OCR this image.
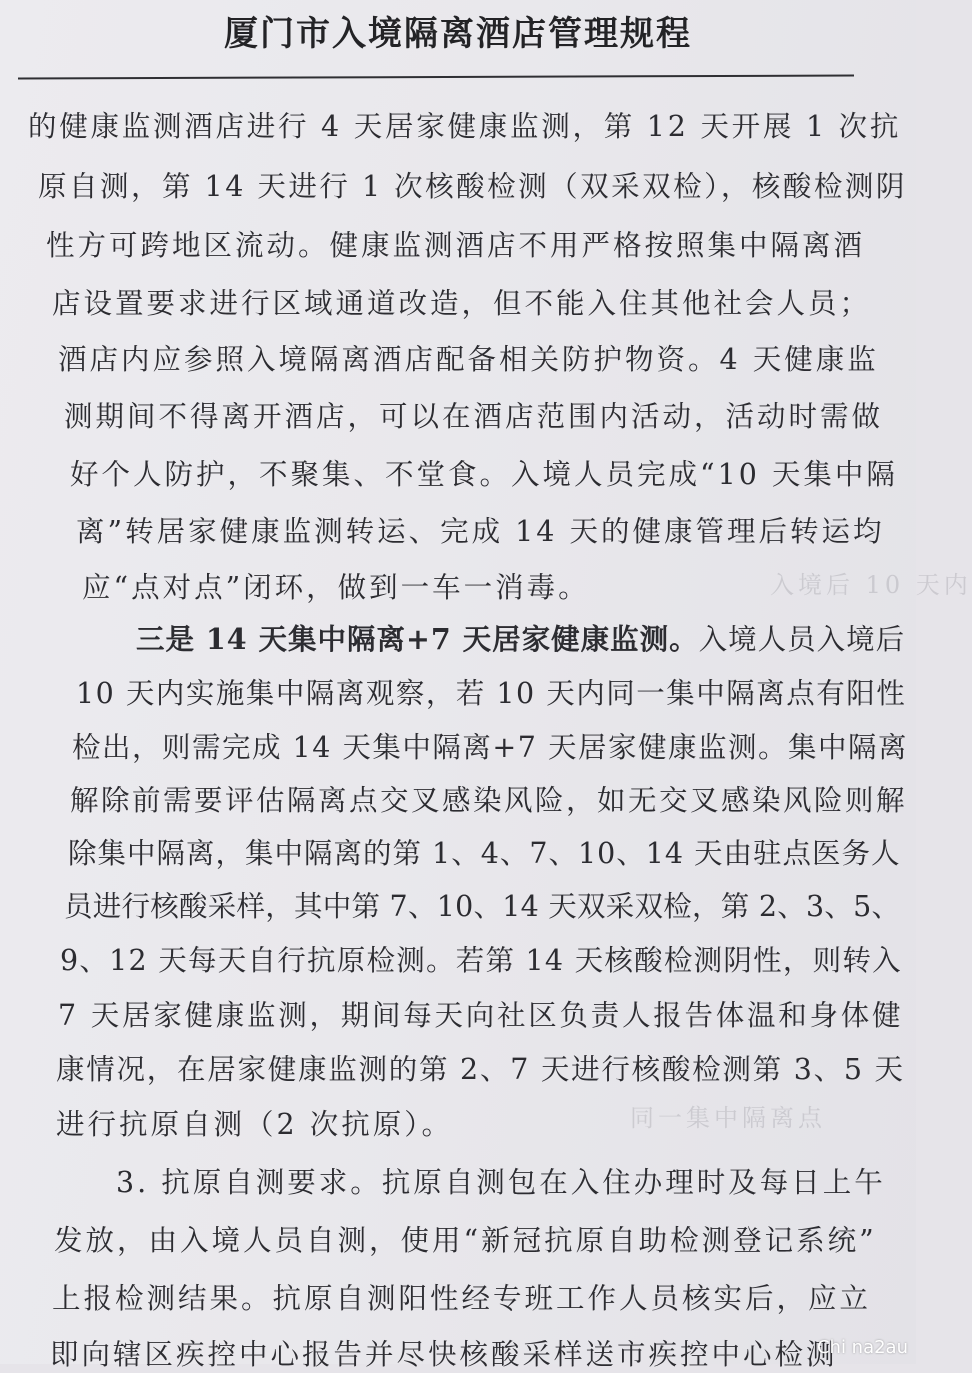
入境后 10 天内
同一集中隔离点
厦门市入境隔离酒店管理规程
的健康监测酒店进行 4 天居家健康监测，第 12 天开展 1 次抗
原自测，第 14 天进行 1 次核酸检测（双采双检），核酸检测阴
性方可跨地区流动。健康监测酒店不用严格按照集中隔离酒
店设置要求进行区域通道改造，但不能入住其他社会人员；
酒店内应参照入境隔离酒店配备相关防护物资。4 天健康监
测期间不得离开酒店，可以在酒店范围内活动，活动时需做
好个人防护，不聚集、不堂食。入境人员完成“10 天集中隔
离”转居家健康监测转运、完成 14 天的健康管理后转运均
应“点对点”闭环，做到一车一消毒。
三是 14 天集中隔离+7 天居家健康监测。入境人员入境后
10 天内实施集中隔离观察，若 10 天内同一集中隔离点有阳性
检出，则需完成 14 天集中隔离+7 天居家健康监测。集中隔离
解除前需要评估隔离点交叉感染风险，如无交叉感染风险则解
除集中隔离，集中隔离的第 1、4、7、10、14 天由驻点医务人
员进行核酸采样，其中第 7、10、14 天双采双检，第 2、3、5、
9、12 天每天自行抗原检测。若第 14 天核酸检测阴性，则转入
7 天居家健康监测，期间每天向社区负责人报告体温和身体健
康情况，在居家健康监测的第 2、7 天进行核酸检测第 3、5 天
进行抗原自测（2 次抗原）。
3. 抗原自测要求。抗原自测包在入住办理时及每日上午
发放，由入境人员自测，使用“新冠抗原自助检测登记系统”
上报检测结果。抗原自测阳性经专班工作人员核实后，应立
即向辖区疾控中心报告并尽快核酸采样送市疾控中心检测
Chi na2au
